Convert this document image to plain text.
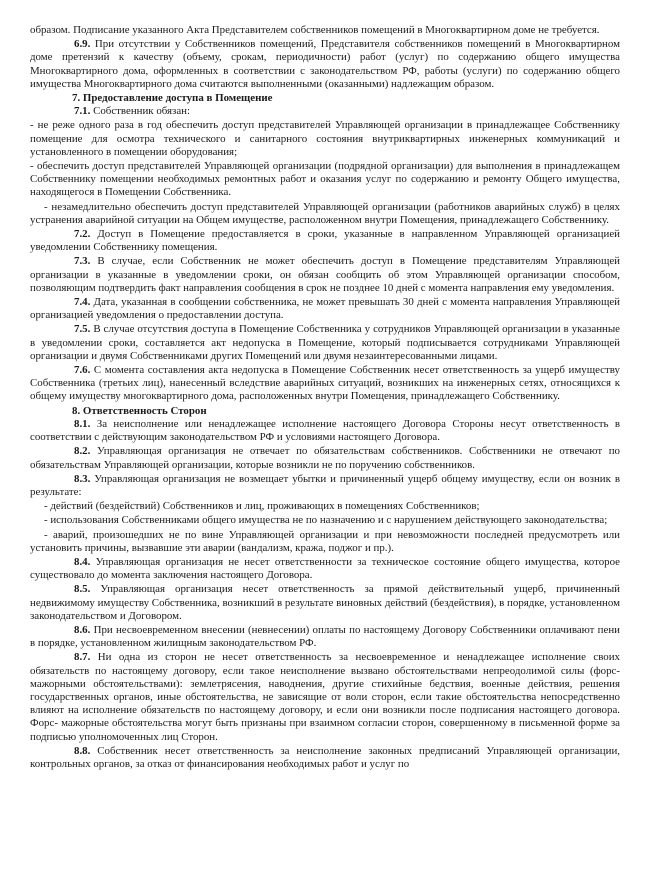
образом. Подписание указанного Акта Представителем собственников помещений в Многоквартирном доме не требуется.
6.9. При отсутствии у Собственников помещений, Представителя собственников помещений в Многоквартирном доме претензий к качеству (объему, срокам, периодичности) работ (услуг) по содержанию общего имущества Многоквартирного дома, оформленных в соответствии с законодательством РФ, работы (услуги) по содержанию общего имущества Многоквартирного дома считаются выполненными (оказанными) надлежащим образом.
7. Предоставление доступа в Помещение
7.1. Собственник обязан:
- не реже одного раза в год обеспечить доступ представителей Управляющей организации в принадлежащее Собственнику помещение для осмотра технического и санитарного состояния внутриквартирных инженерных коммуникаций и установленного в помещении оборудования;
- обеспечить доступ представителей Управляющей организации (подрядной организации) для выполнения в принадлежащем Собственнику помещении необходимых ремонтных работ и оказания услуг по содержанию и ремонту Общего имущества, находящегося в Помещении Собственника.
- незамедлительно обеспечить доступ представителей Управляющей организации (работников аварийных служб) в целях устранения аварийной ситуации на Общем имуществе, расположенном внутри Помещения, принадлежащего Собственнику.
7.2. Доступ в Помещение предоставляется в сроки, указанные в направленном Управляющей организацией уведомлении Собственнику помещения.
7.3. В случае, если Собственник не может обеспечить доступ в Помещение представителям Управляющей организации в указанные в уведомлении сроки, он обязан сообщить об этом Управляющей организации способом, позволяющим подтвердить факт направления сообщения в срок не позднее 10 дней с момента направления ему уведомления.
7.4. Дата, указанная в сообщении собственника, не может превышать 30 дней с момента направления Управляющей организацией уведомления о предоставлении доступа.
7.5. В случае отсутствия доступа в Помещение Собственника у сотрудников Управляющей организации в указанные в уведомлении сроки, составляется акт недопуска в Помещение, который подписывается сотрудниками Управляющей организации и двумя Собственниками других Помещений или двумя незаинтересованными лицами.
7.6. С момента составления акта недопуска в Помещение Собственник несет ответственность за ущерб имуществу Собственника (третьих лиц), нанесенный вследствие аварийных ситуаций, возникших на инженерных сетях, относящихся к общему имуществу многоквартирного дома, расположенных внутри Помещения, принадлежащего Собственнику.
8. Ответственность Сторон
8.1. За неисполнение или ненадлежащее исполнение настоящего Договора Стороны несут ответственность в соответствии с действующим законодательством РФ и условиями настоящего Договора.
8.2. Управляющая организация не отвечает по обязательствам собственников. Собственники не отвечают по обязательствам Управляющей организации, которые возникли не по поручению собственников.
8.3. Управляющая организация не возмещает убытки и причиненный ущерб общему имуществу, если он возник в результате:
- действий (бездействий) Собственников и лиц, проживающих в помещениях Собственников;
- использования Собственниками общего имущества не по назначению и с нарушением действующего законодательства;
- аварий, произошедших не по вине Управляющей организации и при невозможности последней предусмотреть или установить причины, вызвавшие эти аварии (вандализм, кража, поджог и пр.).
8.4. Управляющая организация не несет ответственности за техническое состояние общего имущества, которое существовало до момента заключения настоящего Договора.
8.5. Управляющая организация несет ответственность за прямой действительный ущерб, причиненный недвижимому имуществу Собственника, возникший в результате виновных действий (бездействия), в порядке, установленном законодательством и Договором.
8.6. При несвоевременном внесении (невнесении) оплаты по настоящему Договору Собственники оплачивают пени в порядке, установленном жилищным законодательством РФ.
8.7. Ни одна из сторон не несет ответственность за несвоевременное и ненадлежащее исполнение своих обязательств по настоящему договору, если такое неисполнение вызвано обстоятельствами непреодолимой силы (форс-мажорными обстоятельствами): землетрясения, наводнения, другие стихийные бедствия, военные действия, решения государственных органов, иные обстоятельства, не зависящие от воли сторон, если такие обстоятельства непосредственно влияют на исполнение обязательств по настоящему договору, и если они возникли после подписания настоящего договора. Форс- мажорные обстоятельства могут быть признаны при взаимном согласии сторон, совершенному в письменной форме за подписью уполномоченных лиц Сторон.
8.8. Собственник несет ответственность за неисполнение законных предписаний Управляющей организации, контрольных органов, за отказ от финансирования необходимых работ и услуг по
